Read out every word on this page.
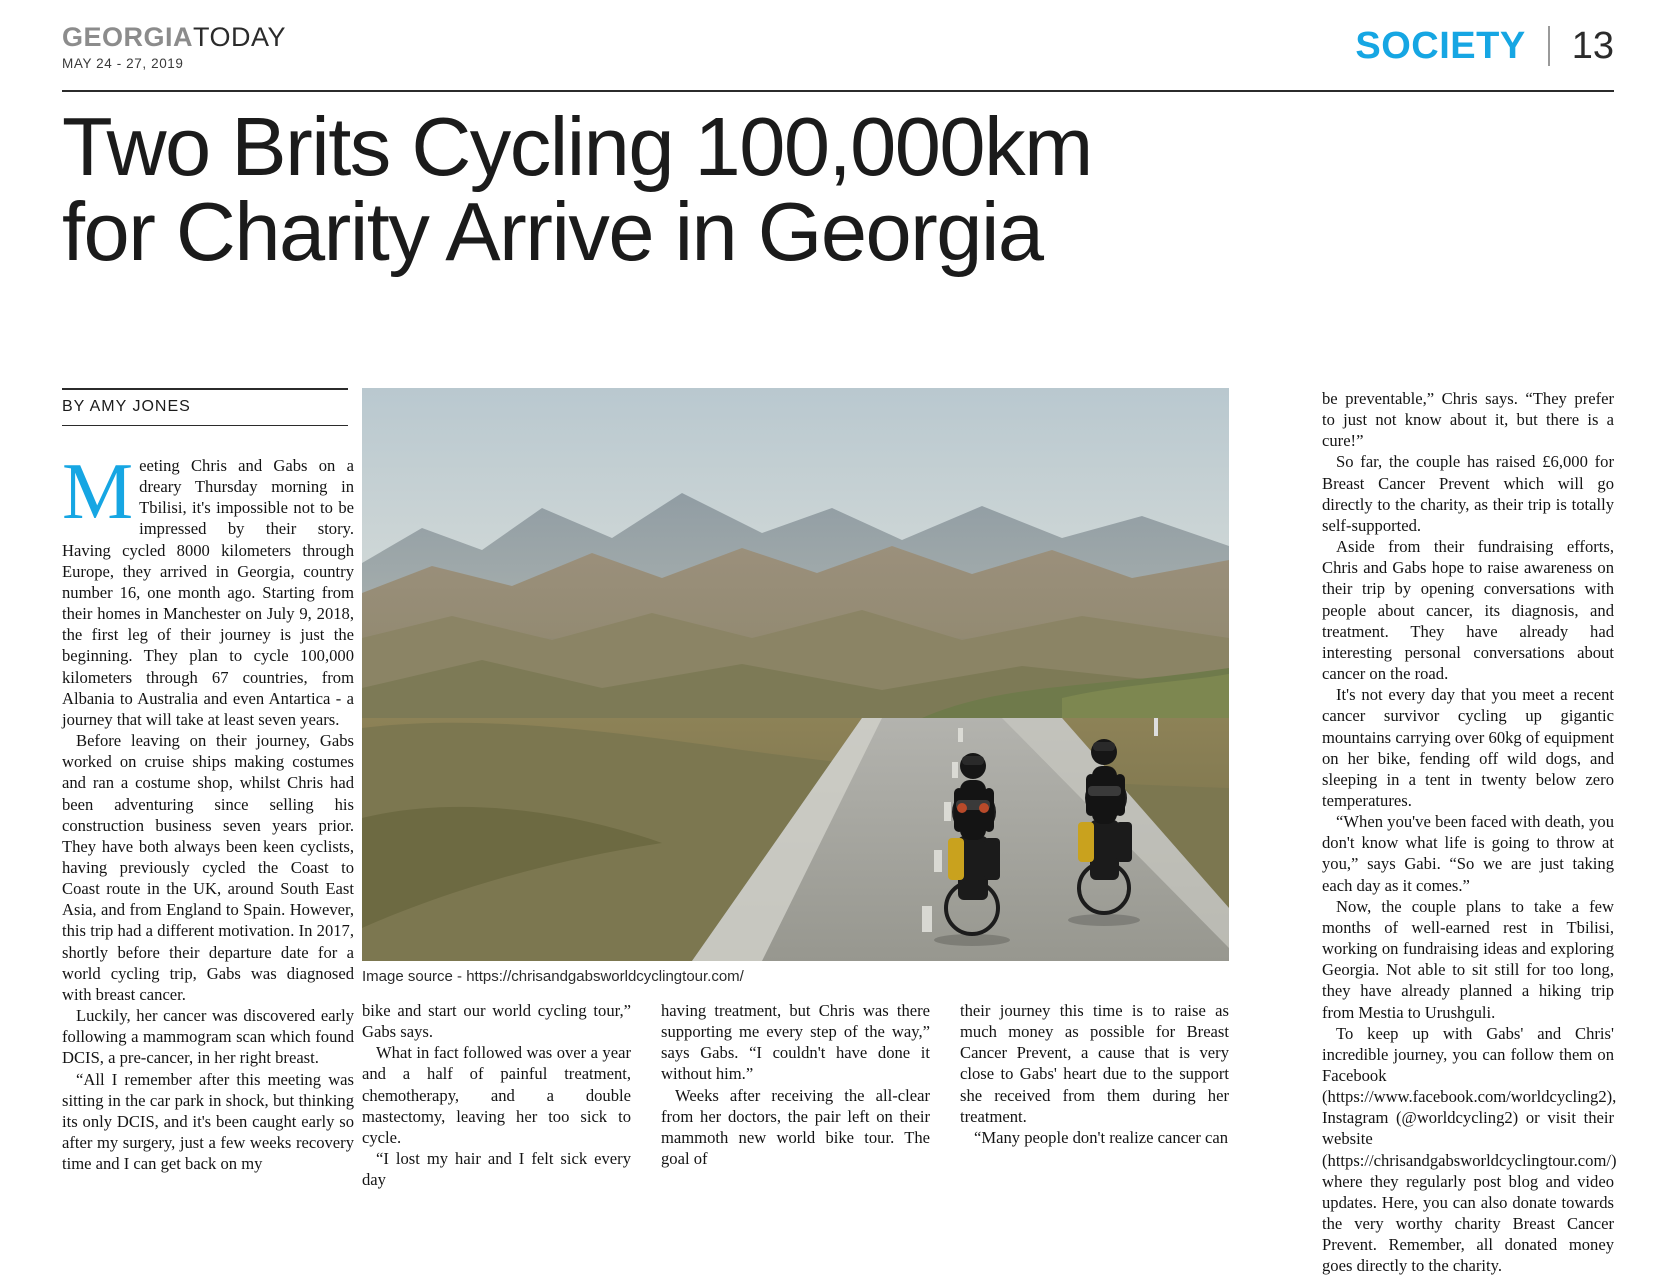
GEORGIATODAY
MAY 24 - 27, 2019	SOCIETY 13
Two Brits Cycling 100,000km
for Charity Arrive in Georgia
BY AMY JONES

Meeting Chris and Gabs on a dreary Thursday morning in Tbilisi, it's impossible not to be impressed by their story. Having cycled 8000 kilometers through Europe, they arrived in Georgia, country number 16, one month ago. Starting from their homes in Manchester on July 9, 2018, the first leg of their journey is just the beginning. They plan to cycle 100,000 kilometers through 67 countries, from Albania to Australia and even Antartica - a journey that will take at least seven years.

Before leaving on their journey, Gabs worked on cruise ships making costumes and ran a costume shop, whilst Chris had been adventuring since selling his construction business seven years prior. They have both always been keen cyclists, having previously cycled the Coast to Coast route in the UK, around South East Asia, and from England to Spain. However, this trip had a different motivation. In 2017, shortly before their departure date for a world cycling trip, Gabs was diagnosed with breast cancer.

Luckily, her cancer was discovered early following a mammogram scan which found DCIS, a pre-cancer, in her right breast.

“All I remember after this meeting was sitting in the car park in shock, but thinking its only DCIS, and it's been caught early so after my surgery, just a few weeks recovery time and I can get back on my

Image source - https://chrisandgabsworldcyclingtour.com/

bike and start our world cycling tour,” Gabs says.

What in fact followed was over a year and a half of painful treatment, chemotherapy, and a double mastectomy, leaving her too sick to cycle.

“I lost my hair and I felt sick every day

having treatment, but Chris was there supporting me every step of the way,” says Gabs. “I couldn't have done it without him.”

Weeks after receiving the all-clear from her doctors, the pair left on their mammoth new world bike tour. The goal of

their journey this time is to raise as much money as possible for Breast Cancer Prevent, a cause that is very close to Gabs' heart due to the support she received from them during her treatment.

“Many people don't realize cancer can

be preventable,” Chris says. “They prefer to just not know about it, but there is a cure!”

So far, the couple has raised £6,000 for Breast Cancer Prevent which will go directly to the charity, as their trip is totally self-supported.

Aside from their fundraising efforts, Chris and Gabs hope to raise awareness on their trip by opening conversations with people about cancer, its diagnosis, and treatment. They have already had interesting personal conversations about cancer on the road.

It's not every day that you meet a recent cancer survivor cycling up gigantic mountains carrying over 60kg of equipment on her bike, fending off wild dogs, and sleeping in a tent in twenty below zero temperatures.

“When you've been faced with death, you don't know what life is going to throw at you,” says Gabi. “So we are just taking each day as it comes.”

Now, the couple plans to take a few months of well-earned rest in Tbilisi, working on fundraising ideas and exploring Georgia. Not able to sit still for too long, they have already planned a hiking trip from Mestia to Urushguli.

To keep up with Gabs' and Chris' incredible journey, you can follow them on Facebook (https://www.facebook.com/worldcycling2), Instagram (@worldcycling2) or visit their website (https://chrisandgabsworldcyclingtour.com/) where they regularly post blog and video updates. Here, you can also donate towards the very worthy charity Breast Cancer Prevent. Remember, all donated money goes directly to the charity.
